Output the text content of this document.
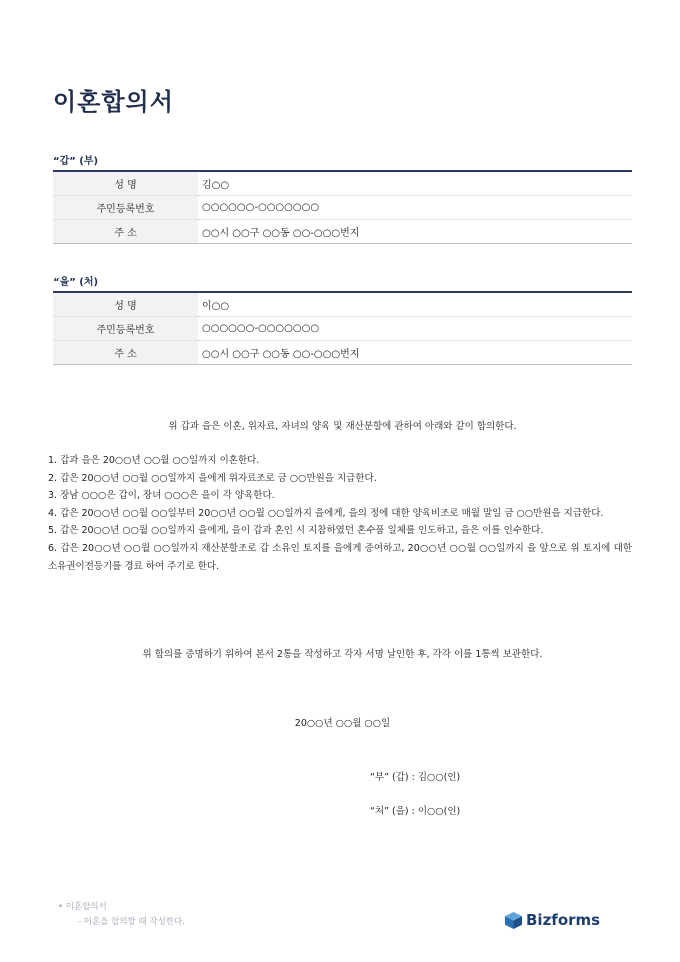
이혼합의서
“갑” (부)
성 명	김○○
주민등록번호	○○○○○○-○○○○○○○
주 소	○○시 ○○구 ○○동 ○○-○○○번지
“을” (처)
성 명	이○○
주민등록번호	○○○○○○-○○○○○○○
주 소	○○시 ○○구 ○○동 ○○-○○○번지
위 갑과 을은 이혼, 위자료, 자녀의 양육 및 재산분할에 관하여 아래와 같이 합의한다.
1. 갑과 을은 20○○년 ○○월 ○○일까지 이혼한다.
2. 갑은 20○○년 ○○월 ○○일까지 을에게 위자료조로 금 ○○만원을 지급한다.
3. 장남 ○○○은 갑이, 장녀 ○○○은 을이 각 양육한다.
4. 갑은 20○○년 ○○월 ○○일부터 20○○년 ○○월 ○○일까지 을에게, 을의 정에 대한 양육비조로 매월 말일 금 ○○만원을 지급한다.
5. 갑은 20○○년 ○○월 ○○일까지 을에게, 을이 갑과 혼인 시 지참하였던 혼수품 일체를 인도하고, 을은 이를 인수한다.
6. 갑은 20○○년 ○○월 ○○일까지 재산분할조로 갑 소유인 토지를 을에게 증여하고, 20○○년 ○○월 ○○일까지 을 앞으로 위 토지에 대한 소유권이전등기를 경료 하여 주기로 한다.
위 합의를 증명하기 위하여 본서 2통을 작성하고 각자 서명 날인한 후, 각각 이를 1통씩 보관한다.
20○○년 ○○월 ○○일
“부” (갑) : 김○○(인)
“처” (을) : 이○○(인)
• 이혼합의서
- 이혼을 합의할 때 작성한다.	Bizforms
